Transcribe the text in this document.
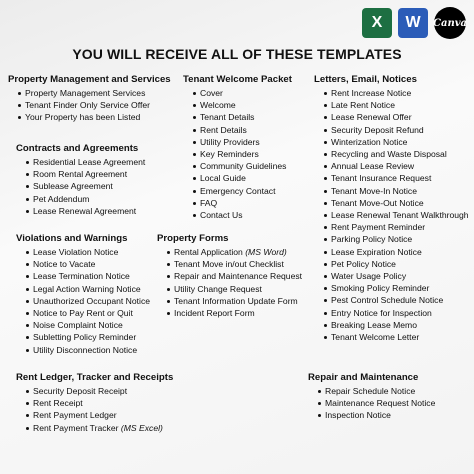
X W Canva
YOU WILL RECEIVE ALL OF THESE TEMPLATES
Property Management and Services
Property Management Services
Tenant Finder Only Service Offer
Your Property has been Listed
Contracts and Agreements
Residential Lease Agreement
Room Rental Agreement
Sublease Agreement
Pet Addendum
Lease Renewal Agreement
Violations and Warnings
Lease Violation Notice
Notice to Vacate
Lease Termination Notice
Legal Action Warning Notice
Unauthorized Occupant Notice
Notice to Pay Rent or Quit
Noise Complaint Notice
Subletting Policy Reminder
Utility Disconnection Notice
Rent Ledger, Tracker and Receipts
Security Deposit Receipt
Rent Receipt
Rent Payment Ledger
Rent Payment Tracker (MS Excel)
Tenant Welcome Packet
Cover
Welcome
Tenant Details
Rent Details
Utility Providers
Key Reminders
Community Guidelines
Local Guide
Emergency Contact
FAQ
Contact Us
Property Forms
Rental Application (MS Word)
Tenant Move in/out Checklist
Repair and Maintenance Request
Utility Change Request
Tenant Information Update Form
Incident Report Form
Letters, Email, Notices
Rent Increase Notice
Late Rent Notice
Lease Renewal Offer
Security Deposit Refund
Winterization Notice
Recycling and Waste Disposal
Annual Lease Review
Tenant Insurance Request
Tenant Move-In Notice
Tenant Move-Out Notice
Lease Renewal Tenant Walkthrough
Rent Payment Reminder
Parking Policy Notice
Lease Expiration Notice
Pet Policy Notice
Water Usage Policy
Smoking Policy Reminder
Pest Control Schedule Notice
Entry Notice for Inspection
Breaking Lease Memo
Tenant Welcome Letter
Repair and Maintenance
Repair Schedule Notice
Maintenance Request Notice
Inspection Notice
